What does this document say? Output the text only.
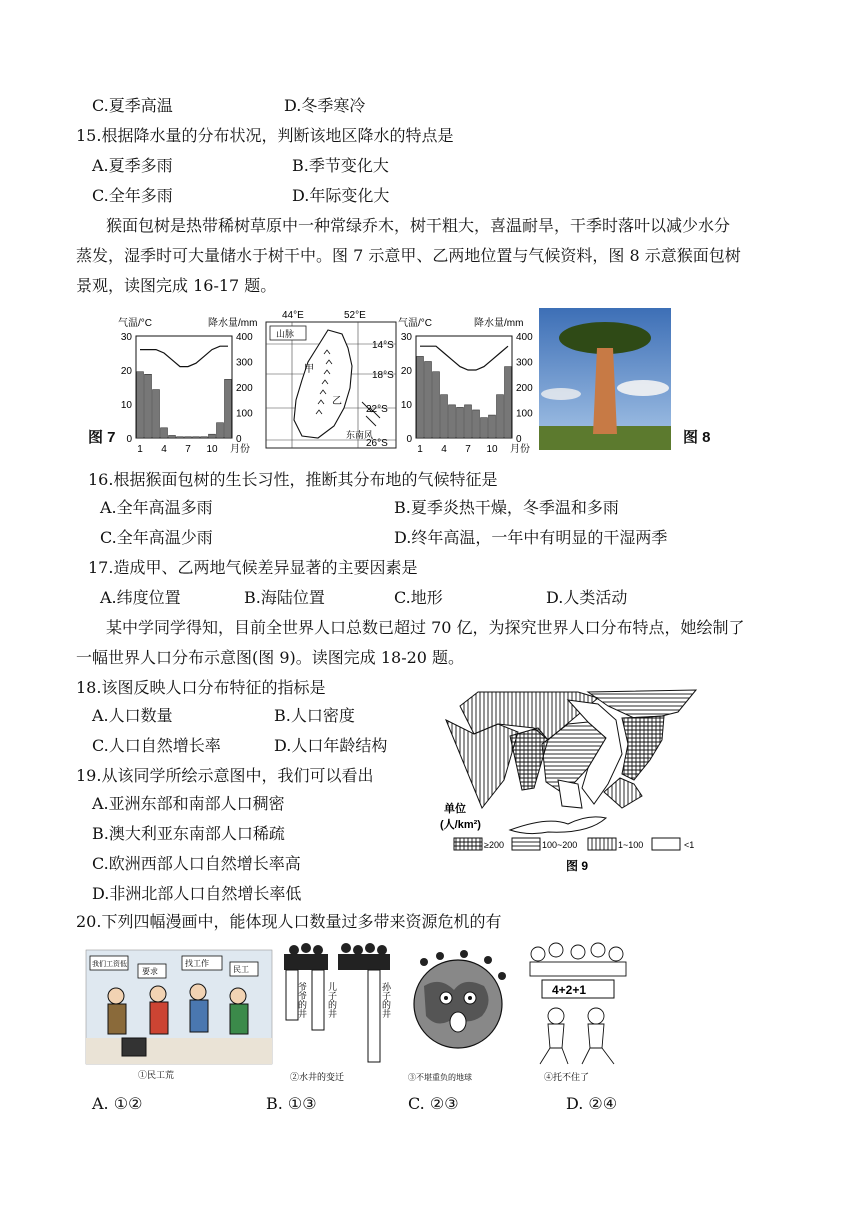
C.夏季高温	D.冬季寒冷
15.根据降水量的分布状况，判断该地区降水的特点是
A.夏季多雨	B.季节变化大
C.全年多雨	D.年际变化大
猴面包树是热带稀树草原中一种常绿乔木，树干粗大，喜温耐旱，干季时落叶以减少水分
蒸发，湿季时可大量储水于树干中。图 7 示意甲、乙两地位置与气候资料，图 8 示意猴面包树
景观，读图完成 16-17 题。
图 7
气温/°C	降水量/mm
30
20
10
0
400
300
200
100
0
1 4 7 10 月份
44°E	52°E
山脉
甲
乙
东南风
14°S
18°S
22°S
26°S
气温/°C	降水量/mm
30
20
10
0
400
300
200
100
0
1 4 7 10 月份
图 8
16.根据猴面包树的生长习性，推断其分布地的气候特征是
A.全年高温多雨	B.夏季炎热干燥，冬季温和多雨
C.全年高温少雨	D.终年高温，一年中有明显的干湿两季
17.造成甲、乙两地气候差异显著的主要因素是
A.纬度位置	B.海陆位置	C.地形	D.人类活动
某中学同学得知，目前全世界人口总数已超过 70 亿，为探究世界人口分布特点，她绘制了
一幅世界人口分布示意图(图 9)。读图完成 18-20 题。
18.该图反映人口分布特征的指标是
A.人口数量	B.人口密度
C.人口自然增长率	D.人口年龄结构
19.从该同学所绘示意图中，我们可以看出
A.亚洲东部和南部人口稠密
B.澳大利亚东南部人口稀疏
C.欧洲西部人口自然增长率高
D.非洲北部人口自然增长率低
单位
(人/km²)
≥200	100~200	1~100	<1
图 9
20.下列四幅漫画中，能体现人口数量过多带来资源危机的有
我们工资低
要求
找工作
民工
①民工荒
爷爷的井 儿子的井	孙子的井
②水井的变迁	③不堪重负的地球
4+2+1
④托不住了
A. ①②	B. ①③	C. ②③	D. ②④
